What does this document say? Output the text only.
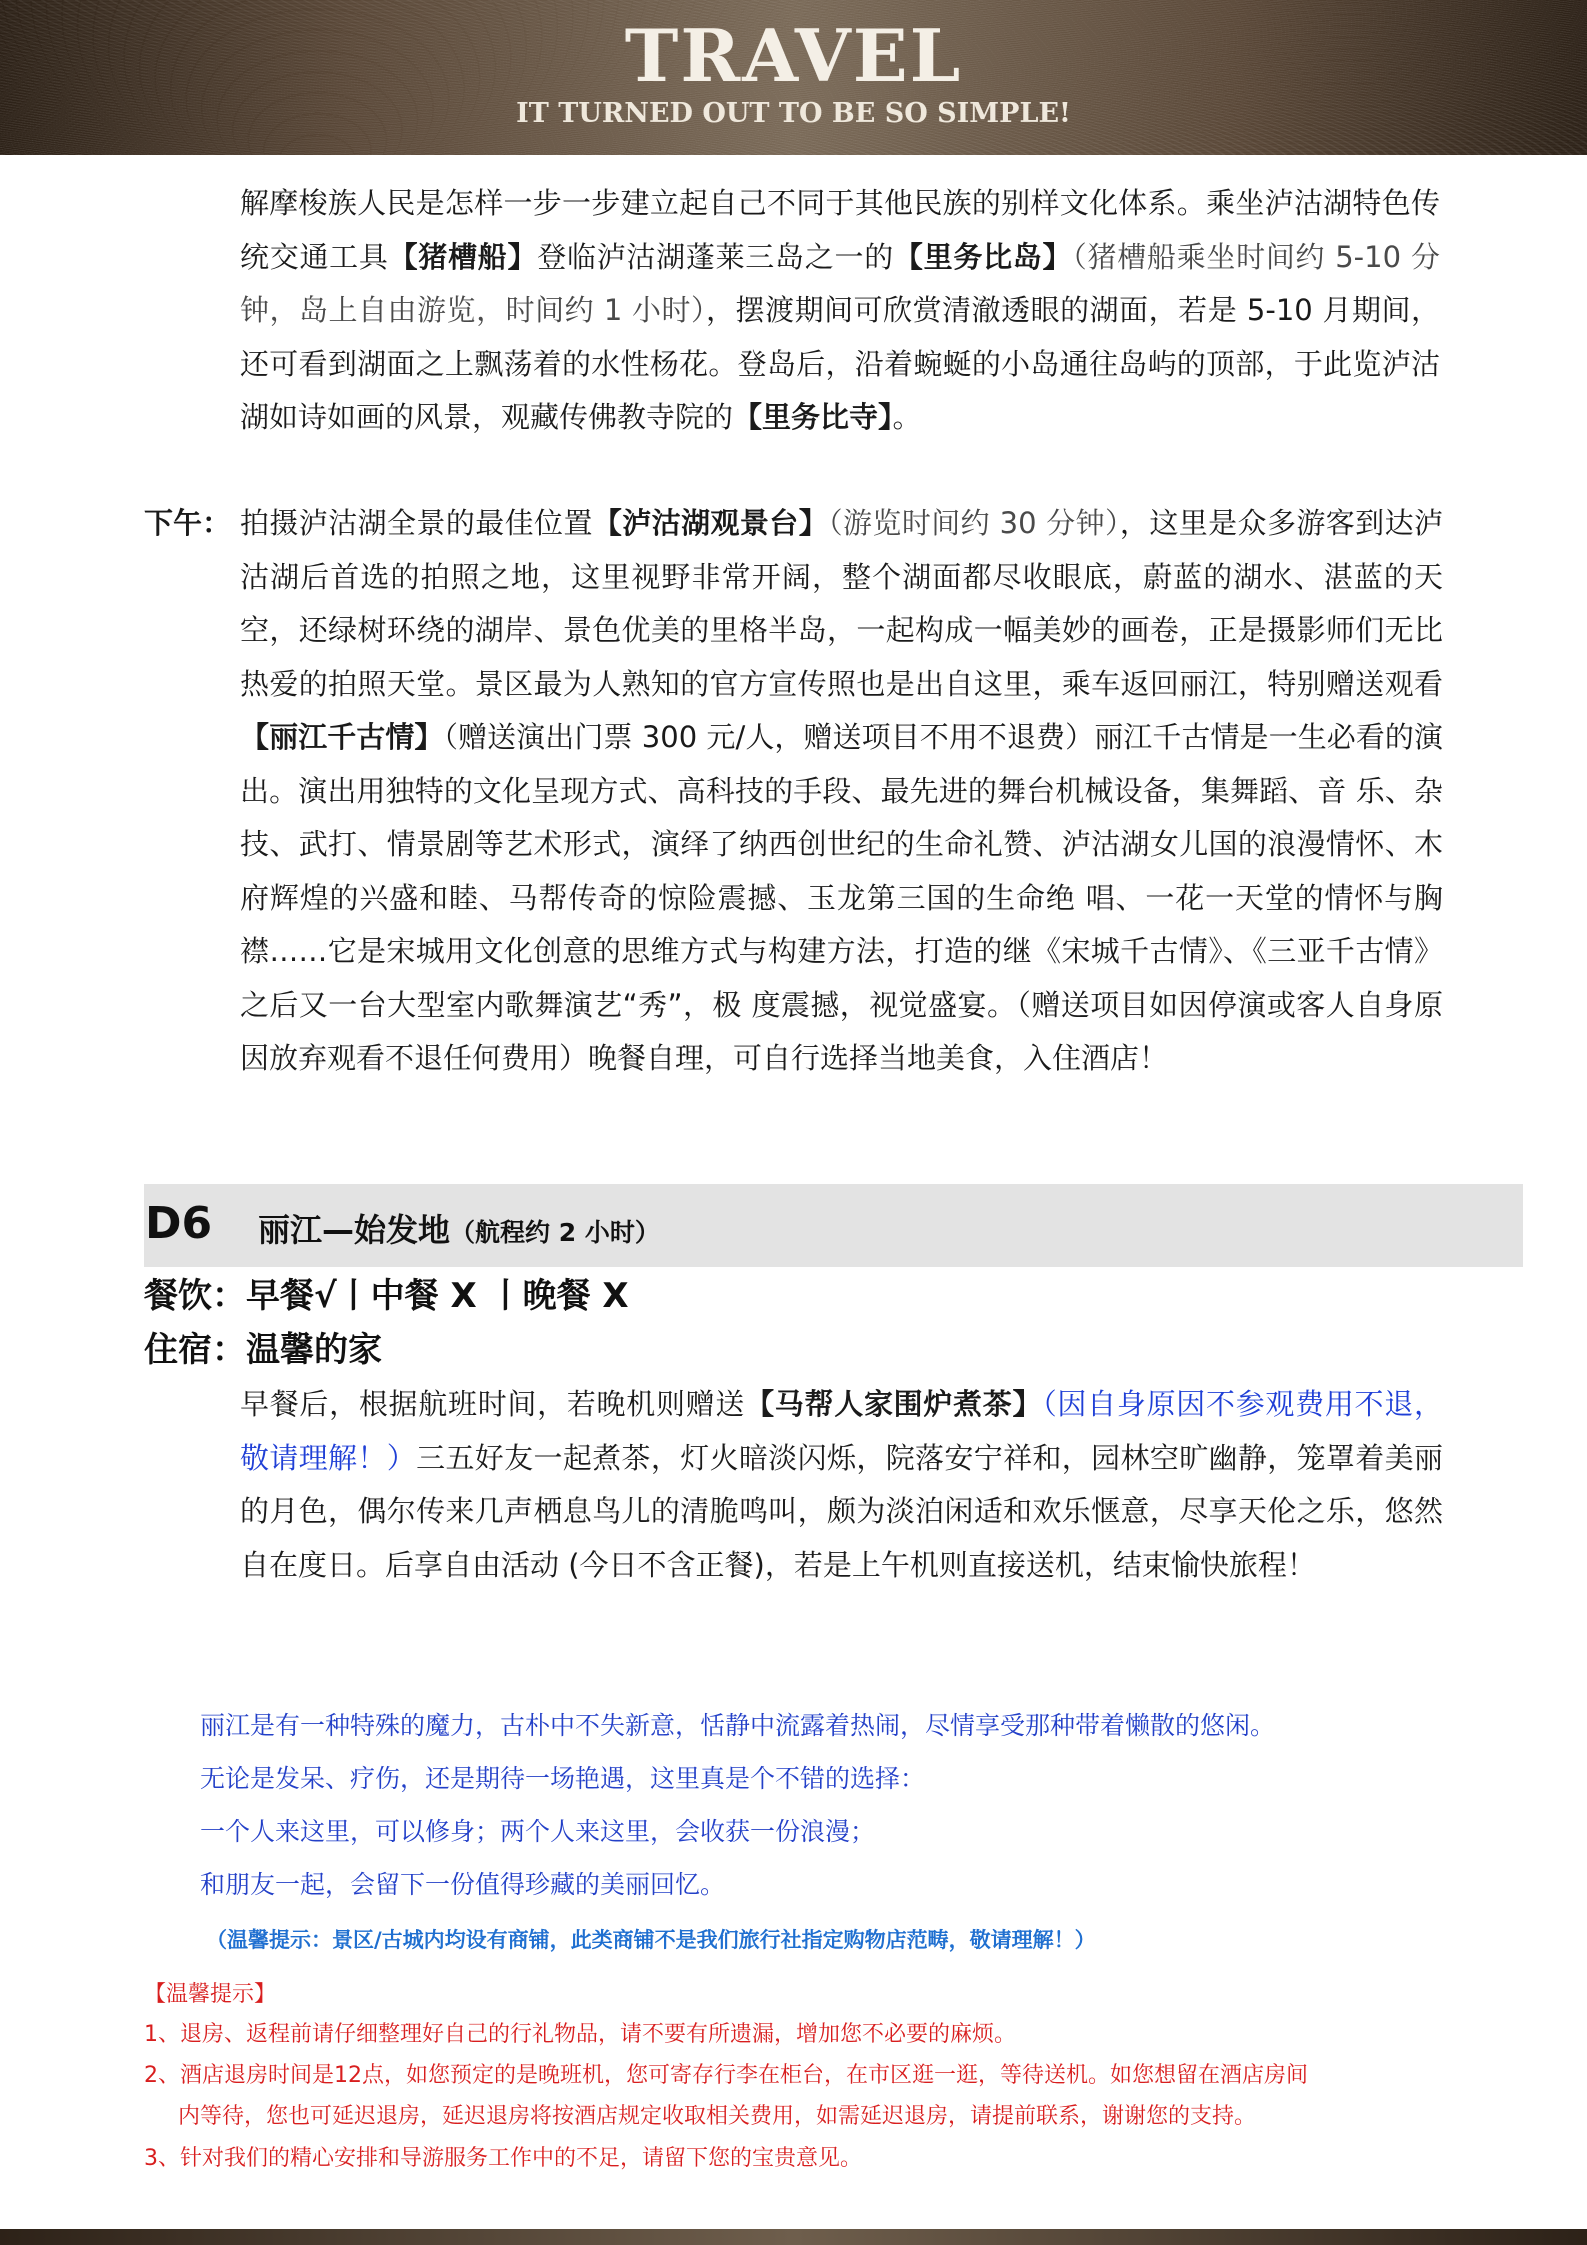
TRAVEL
IT TURNED OUT TO BE SO SIMPLE!

解摩梭族人民是怎样一步一步建立起自己不同于其他民族的别样文化体系。乘坐泸沽湖特色传统交通工具【猪槽船】登临泸沽湖蓬莱三岛之一的【里务比岛】（猪槽船乘坐时间约 5-10 分钟，岛上自由游览，时间约 1 小时），摆渡期间可欣赏清澈透眼的湖面，若是 5-10 月期间，还可看到湖面之上飘荡着的水性杨花。登岛后，沿着蜿蜒的小岛通往岛屿的顶部，于此览泸沽湖如诗如画的风景，观藏传佛教寺院的【里务比寺】。

下午： 拍摄泸沽湖全景的最佳位置【泸沽湖观景台】（游览时间约 30 分钟），这里是众多游客到达泸沽湖后首选的拍照之地，这里视野非常开阔，整个湖面都尽收眼底，蔚蓝的湖水、湛蓝的天空，还绿树环绕的湖岸、景色优美的里格半岛，一起构成一幅美妙的画卷，正是摄影师们无比热爱的拍照天堂。景区最为人熟知的官方宣传照也是出自这里，乘车返回丽江，特别赠送观看【丽江千古情】（赠送演出门票 300 元/人，赠送项目不用不退费）丽江千古情是一生必看的演出。演出用独特的文化呈现方式、高科技的手段、最先进的舞台机械设备，集舞蹈、音 乐、杂技、武打、情景剧等艺术形式，演绎了纳西创世纪的生命礼赞、泸沽湖女儿国的浪漫情怀、木府辉煌的兴盛和睦、马帮传奇的惊险震撼、玉龙第三国的生命绝 唱、一花一天堂的情怀与胸襟……它是宋城用文化创意的思维方式与构建方法，打造的继《宋城千古情》、《三亚千古情》之后又一台大型室内歌舞演艺“秀”，极 度震撼，视觉盛宴。（赠送项目如因停演或客人自身原因放弃观看不退任何费用）晚餐自理，可自行选择当地美食，入住酒店！

D6 丽江—始发地（航程约 2 小时）
餐饮：早餐√丨中餐 X 丨晚餐 X
住宿：温馨的家

早餐后，根据航班时间，若晚机则赠送【马帮人家围炉煮茶】（因自身原因不参观费用不退，敬请理解！）三五好友一起煮茶，灯火暗淡闪烁，院落安宁祥和，园林空旷幽静，笼罩着美丽的月色，偶尔传来几声栖息鸟儿的清脆鸣叫，颇为淡泊闲适和欢乐惬意，尽享天伦之乐，悠然自在度日。后享自由活动 (今日不含正餐)，若是上午机则直接送机，结束愉快旅程！

丽江是有一种特殊的魔力，古朴中不失新意，恬静中流露着热闹，尽情享受那种带着懒散的悠闲。
无论是发呆、疗伤，还是期待一场艳遇，这里真是个不错的选择：
一个人来这里，可以修身；两个人来这里，会收获一份浪漫；
和朋友一起，会留下一份值得珍藏的美丽回忆。
（温馨提示：景区/古城内均设有商铺，此类商铺不是我们旅行社指定购物店范畴，敬请理解！）
【温馨提示】
1、退房、返程前请仔细整理好自己的行礼物品，请不要有所遗漏，增加您不必要的麻烦。
2、酒店退房时间是12点，如您预定的是晚班机，您可寄存行李在柜台，在市区逛一逛，等待送机。如您想留在酒店房间
内等待，您也可延迟退房，延迟退房将按酒店规定收取相关费用，如需延迟退房，请提前联系，谢谢您的支持。
3、针对我们的精心安排和导游服务工作中的不足，请留下您的宝贵意见。
